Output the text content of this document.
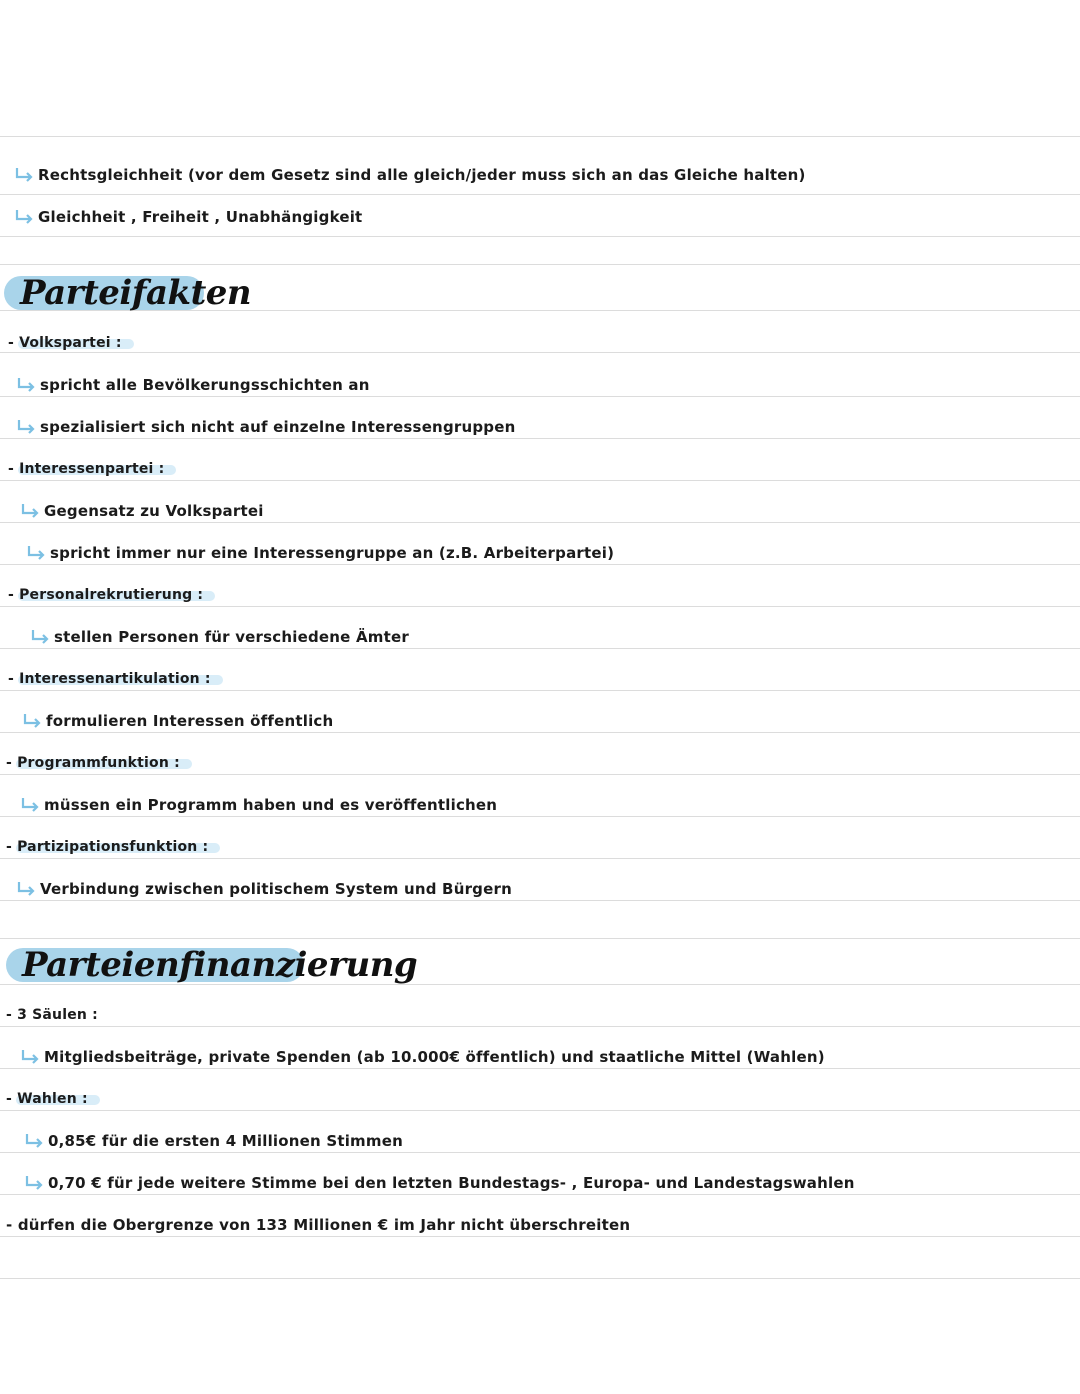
Rechtsgleichheit (vor dem Gesetz sind alle gleich/jeder muss sich an das Gleiche halten)
Gleichheit , Freiheit , Unabhängigkeit
Parteifakten
- Volkspartei :
spricht alle Bevölkerungsschichten an
spezialisiert sich nicht auf einzelne Interessengruppen
- Interessenpartei :
Gegensatz zu Volkspartei
spricht immer nur eine Interessengruppe an (z.B. Arbeiterpartei)
- Personalrekrutierung :
stellen Personen für verschiedene Ämter
- Interessenartikulation :
formulieren Interessen öffentlich
- Programmfunktion :
müssen ein Programm haben und es veröffentlichen
- Partizipationsfunktion :
Verbindung zwischen politischem System und Bürgern
Parteienfinanzierung
- 3 Säulen :
Mitgliedsbeiträge, private Spenden (ab 10.000€ öffentlich) und staatliche Mittel (Wahlen)
- Wahlen :
0,85€ für die ersten 4 Millionen Stimmen
0,70 € für jede weitere Stimme bei den letzten Bundestags- , Europa- und Landestagswahlen
- dürfen die Obergrenze von 133 Millionen € im Jahr nicht überschreiten
